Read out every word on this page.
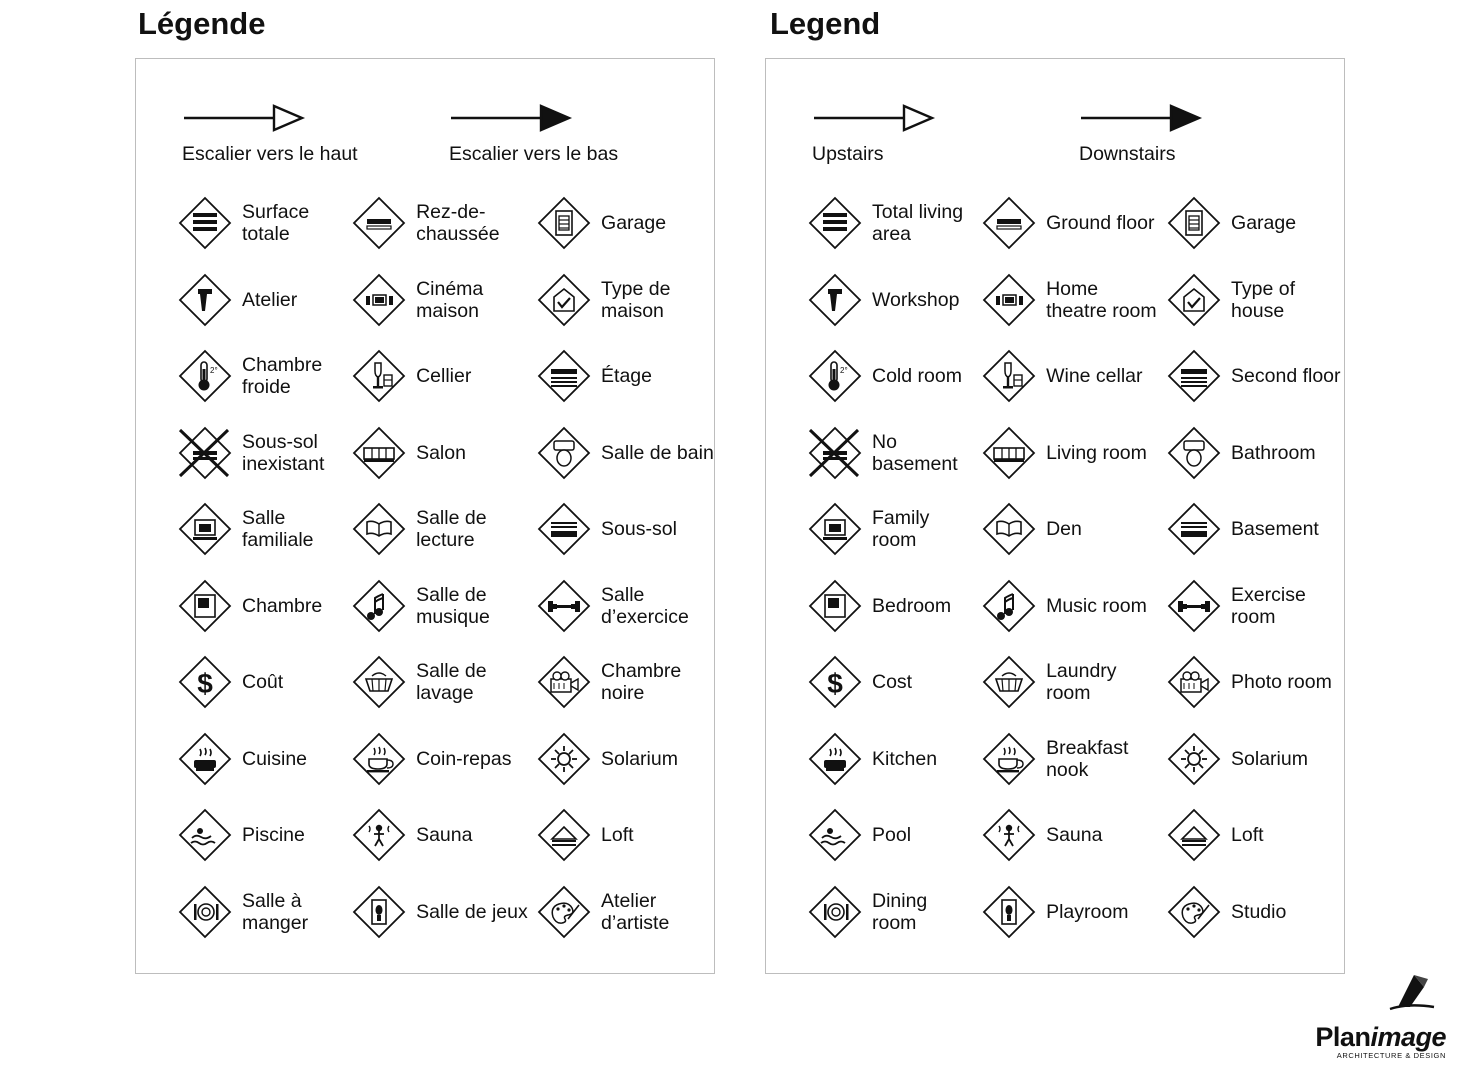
Légende
Escalier vers le haut	Escalier vers le bas
Surface totale
Atelier
2° Chambre froide
Sous-sol inexistant
Salle familiale
Chambre
$ Coût
Cuisine
Piscine
Salle à manger
Rez-de-chaussée
Cinéma maison
Cellier
Salon
Salle de lecture
Salle de musique
Salle de lavage
Coin-repas
Sauna
Salle de jeux
Garage
Type de maison
Étage
Salle de bain
Sous-sol
Salle d’exercice
Chambre noire
Solarium
Loft
Atelier d’artiste
Legend
Upstairs	Downstairs
Total living area
Workshop
2° Cold room
No basement
Family room
Bedroom
$ Cost
Kitchen
Pool
Dining room
Ground floor
Home theatre room
Wine cellar
Living room
Den
Music room
Laundry room
Breakfast nook
Sauna
Playroom
Garage
Type of house
Second floor
Bathroom
Basement
Exercise room
Photo room
Solarium
Loft
Studio
Planimage
ARCHITECTURE & DESIGN
